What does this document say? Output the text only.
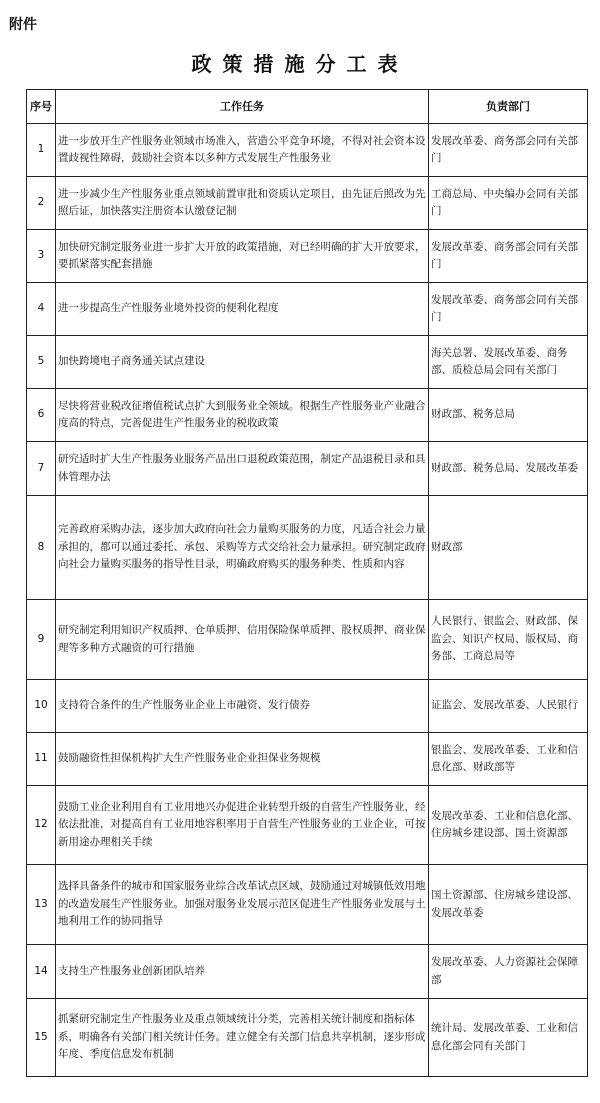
附件
政策措施分工表
序号	工作任务	负责部门
1	进一步放开生产性服务业领域市场准入，营造公平竞争环境，不得对社会资本设置歧视性障碍，鼓励社会资本以多种方式发展生产性服务业	发展改革委、商务部会同有关部门
2	进一步减少生产性服务业重点领域前置审批和资质认定项目，由先证后照改为先照后证，加快落实注册资本认缴登记制	工商总局、中央编办会同有关部门
3	加快研究制定服务业进一步扩大开放的政策措施，对已经明确的扩大开放要求，要抓紧落实配套措施	发展改革委、商务部会同有关部门
4	进一步提高生产性服务业境外投资的便利化程度	发展改革委、商务部会同有关部门
5	加快跨境电子商务通关试点建设	海关总署、发展改革委、商务部、质检总局会同有关部门
6	尽快将营业税改征增值税试点扩大到服务业全领域。根据生产性服务业产业融合度高的特点，完善促进生产性服务业的税收政策	财政部、税务总局
7	研究适时扩大生产性服务业服务产品出口退税政策范围，制定产品退税目录和具体管理办法	财政部、税务总局、发展改革委
8	完善政府采购办法，逐步加大政府向社会力量购买服务的力度，凡适合社会力量承担的，都可以通过委托、承包、采购等方式交给社会力量承担。研究制定政府向社会力量购买服务的指导性目录，明确政府购买的服务种类、性质和内容	财政部
9	研究制定利用知识产权质押、仓单质押、信用保险保单质押、股权质押、商业保理等多种方式融资的可行措施	人民银行、银监会、财政部、保监会、知识产权局、版权局、商务部、工商总局等
10	支持符合条件的生产性服务业企业上市融资、发行债券	证监会、发展改革委、人民银行
11	鼓励融资性担保机构扩大生产性服务业企业担保业务规模	银监会、发展改革委、工业和信息化部、财政部等
12	鼓励工业企业利用自有工业用地兴办促进企业转型升级的自营生产性服务业，经依法批准，对提高自有工业用地容积率用于自营生产性服务业的工业企业，可按新用途办理相关手续	发展改革委、工业和信息化部、住房城乡建设部、国土资源部
13	选择具备条件的城市和国家服务业综合改革试点区域，鼓励通过对城镇低效用地的改造发展生产性服务业。加强对服务业发展示范区促进生产性服务业发展与土地利用工作的协同指导	国土资源部、住房城乡建设部、发展改革委
14	支持生产性服务业创新团队培养	发展改革委、人力资源社会保障部
15	抓紧研究制定生产性服务业及重点领域统计分类，完善相关统计制度和指标体系，明确各有关部门相关统计任务。建立健全有关部门信息共享机制，逐步形成年度、季度信息发布机制	统计局、发展改革委、工业和信息化部会同有关部门
